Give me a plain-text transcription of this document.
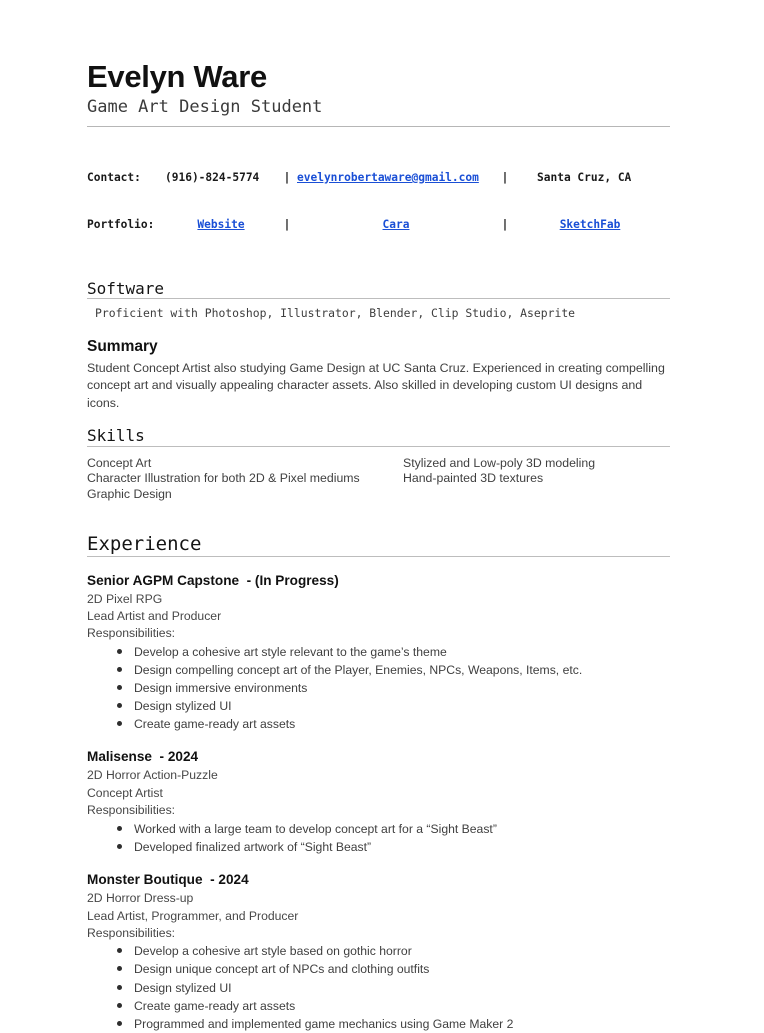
Evelyn Ware
Game Art Design Student

Contact:	(916)-824-5774	| evelynrobertaware@gmail.com	|	Santa Cruz, CA

Portfolio:	Website	|	Cara	|	SketchFab

Software
Proficient with Photoshop, Illustrator, Blender, Clip Studio, Aseprite
Summary
Student Concept Artist also studying Game Design at UC Santa Cruz. Experienced in creating compelling concept art and visually appealing character assets. Also skilled in developing custom UI designs and icons.
Skills
Concept Art
Character Illustration for both 2D & Pixel mediums
Graphic Design
Stylized and Low-poly 3D modeling
Hand-painted 3D textures
Experience
Senior AGPM Capstone  - (In Progress)
2D Pixel RPG
Lead Artist and Producer
Responsibilities:
Develop a cohesive art style relevant to the game’s theme
Design compelling concept art of the Player, Enemies, NPCs, Weapons, Items, etc.
Design immersive environments
Design stylized UI
Create game-ready art assets
Malisense  - 2024
2D Horror Action-Puzzle
Concept Artist
Responsibilities:
Worked with a large team to develop concept art for a “Sight Beast”
Developed finalized artwork of “Sight Beast”
Monster Boutique  - 2024
2D Horror Dress-up
Lead Artist, Programmer, and Producer
Responsibilities:
Develop a cohesive art style based on gothic horror
Design unique concept art of NPCs and clothing outfits
Design stylized UI
Create game-ready art assets
Programmed and implemented game mechanics using Game Maker 2
